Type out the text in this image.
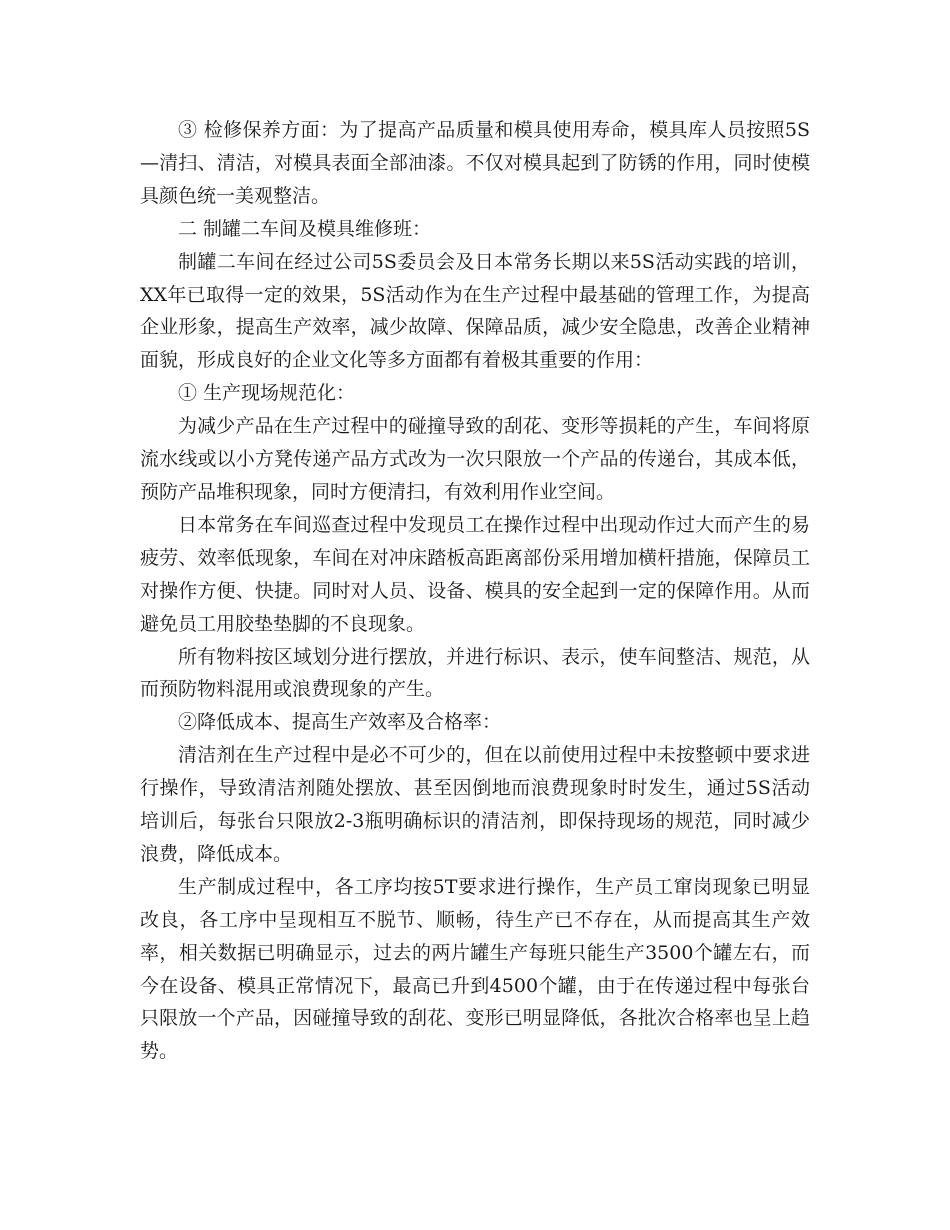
③ 检修保养方面：为了提高产品质量和模具使用寿命，模具库人员按照5S—清扫、清洁，对模具表面全部油漆。不仅对模具起到了防锈的作用，同时使模具颜色统一美观整洁。

二 制罐二车间及模具维修班：

制罐二车间在经过公司5S委员会及日本常务长期以来5S活动实践的培训，XX年已取得一定的效果，5S活动作为在生产过程中最基础的管理工作，为提高企业形象，提高生产效率，减少故障、保障品质，减少安全隐患，改善企业精神面貌，形成良好的企业文化等多方面都有着极其重要的作用：

① 生产现场规范化：

为减少产品在生产过程中的碰撞导致的刮花、变形等损耗的产生，车间将原流水线或以小方凳传递产品方式改为一次只限放一个产品的传递台，其成本低，预防产品堆积现象，同时方便清扫，有效利用作业空间。

日本常务在车间巡查过程中发现员工在操作过程中出现动作过大而产生的易疲劳、效率低现象，车间在对冲床踏板高距离部份采用增加横杆措施，保障员工对操作方便、快捷。同时对人员、设备、模具的安全起到一定的保障作用。从而避免员工用胶垫垫脚的不良现象。

所有物料按区域划分进行摆放，并进行标识、表示，使车间整洁、规范，从而预防物料混用或浪费现象的产生。

②降低成本、提高生产效率及合格率：

清洁剂在生产过程中是必不可少的，但在以前使用过程中未按整顿中要求进行操作，导致清洁剂随处摆放、甚至因倒地而浪费现象时时发生，通过5S活动培训后，每张台只限放2-3瓶明确标识的清洁剂，即保持现场的规范，同时减少浪费，降低成本。

生产制成过程中，各工序均按5T要求进行操作，生产员工窜岗现象已明显改良，各工序中呈现相互不脱节、顺畅，待生产已不存在，从而提高其生产效率，相关数据已明确显示，过去的两片罐生产每班只能生产3500个罐左右，而今在设备、模具正常情况下，最高已升到4500个罐，由于在传递过程中每张台只限放一个产品，因碰撞导致的刮花、变形已明显降低，各批次合格率也呈上趋势。
